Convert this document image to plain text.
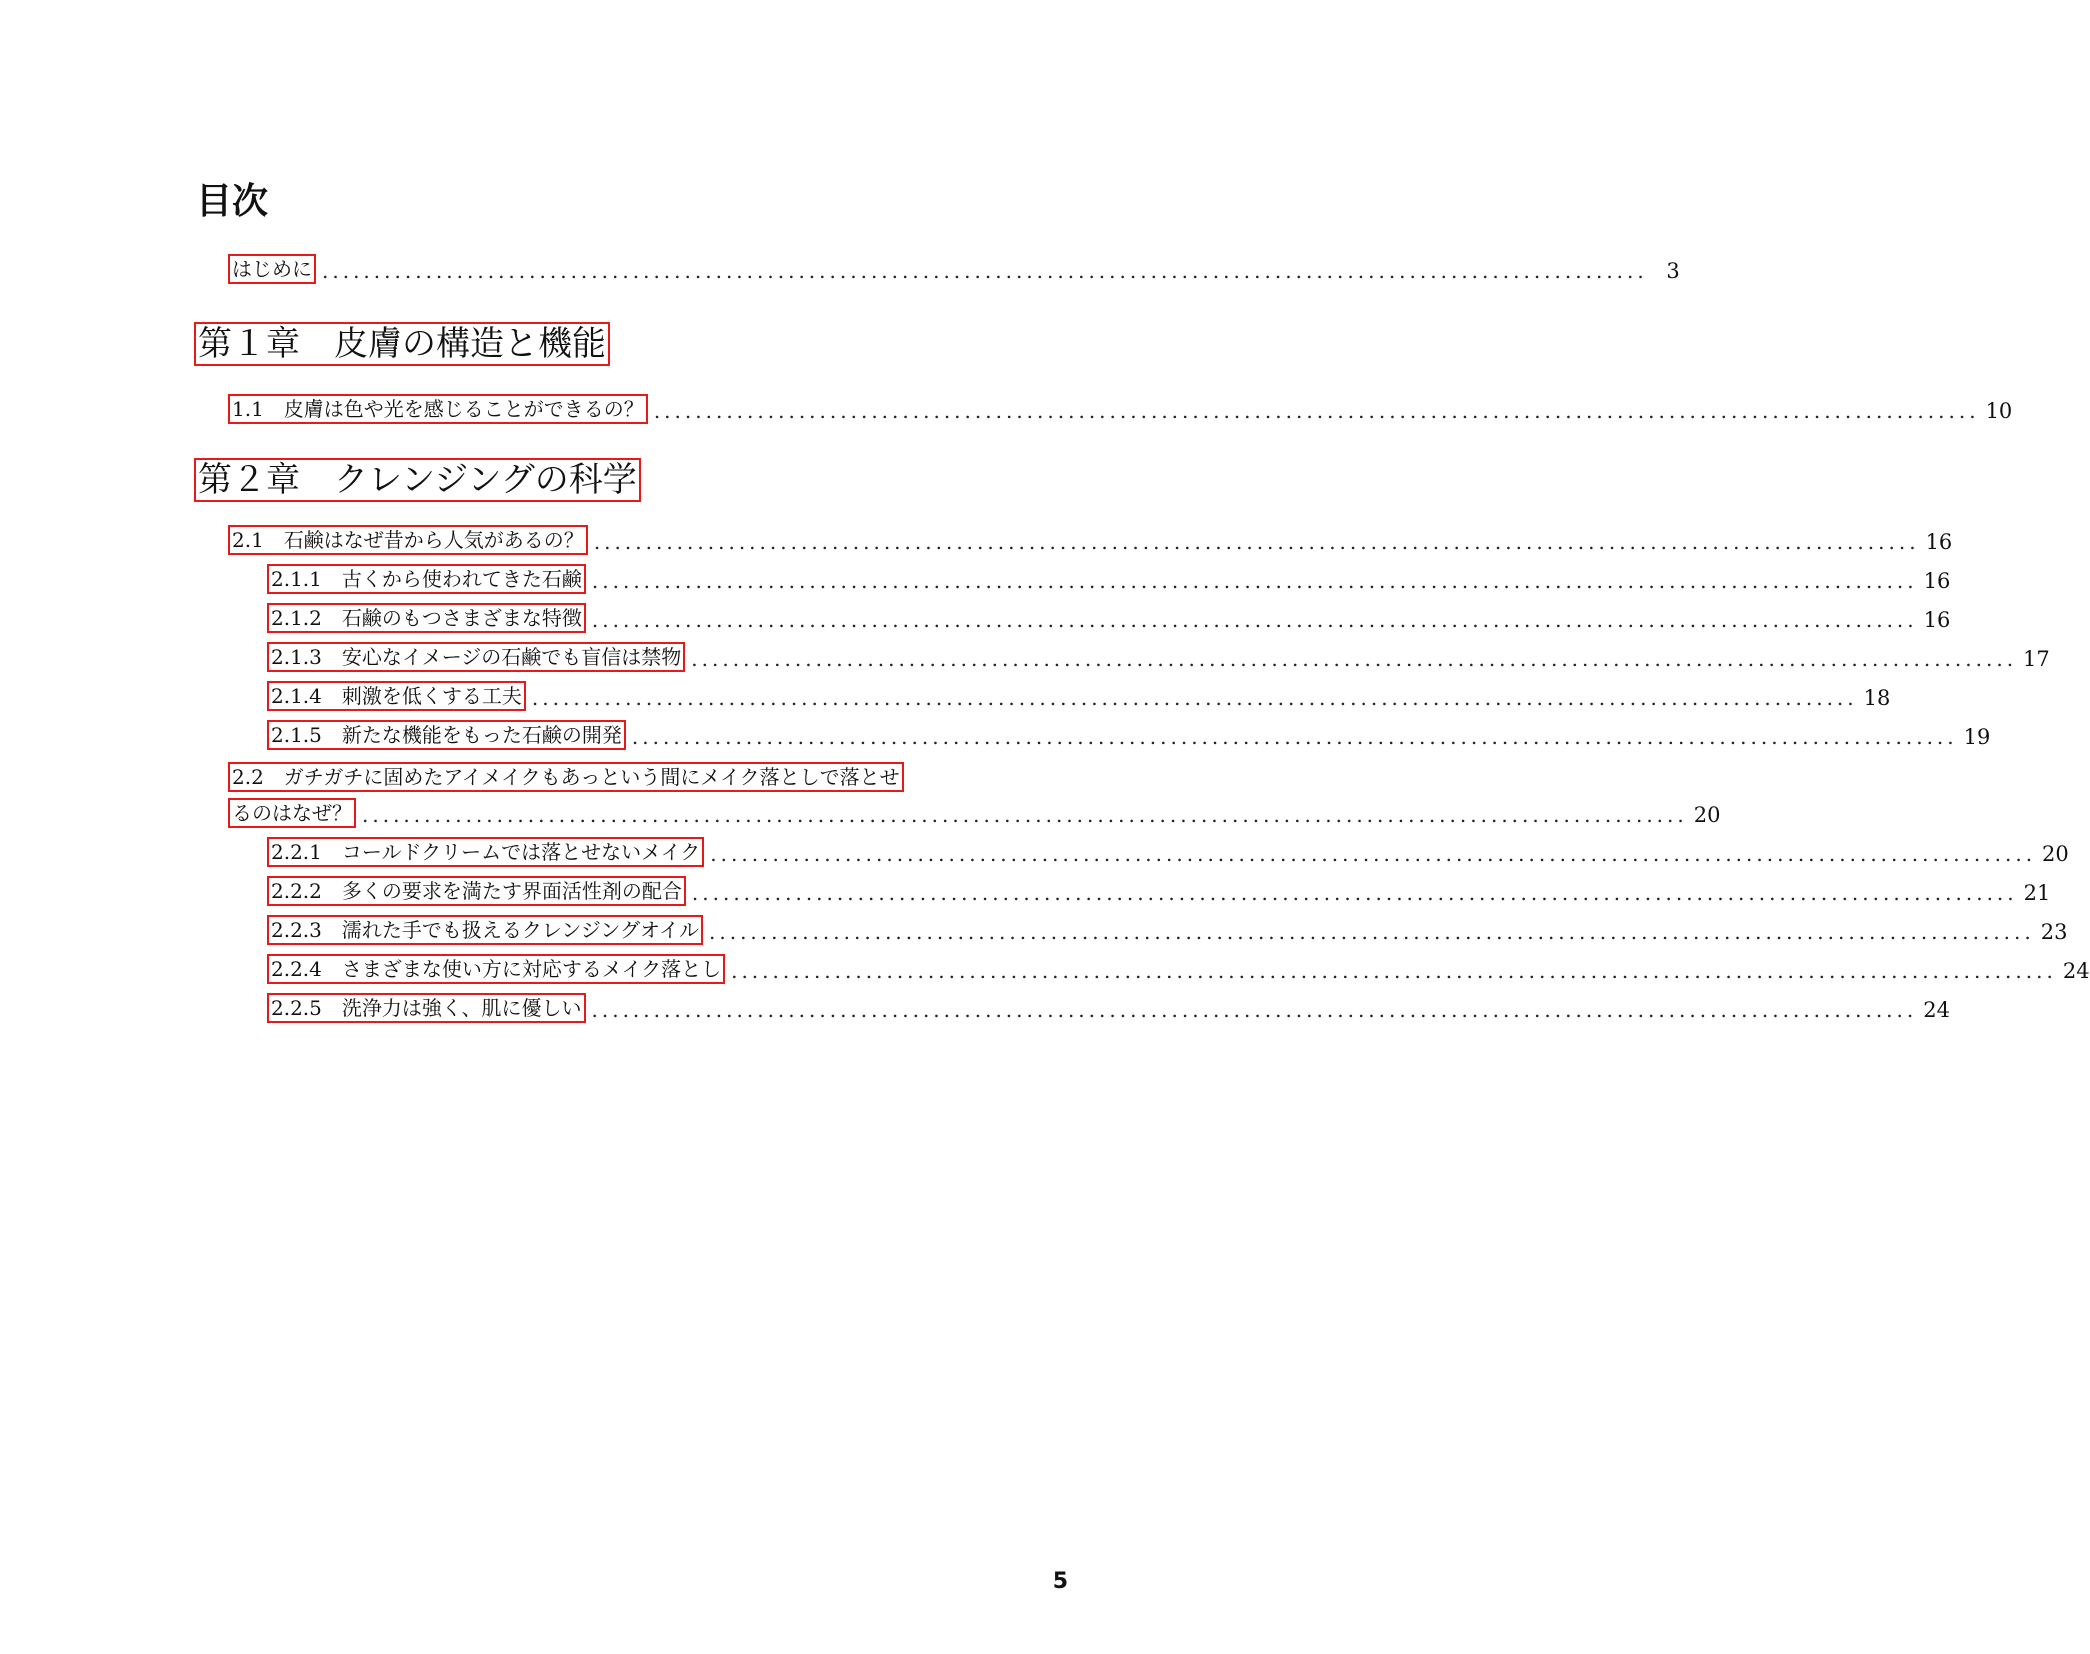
目次
はじめに ................................................................................................................................ 3
第１章　皮膚の構造と機能
1.1　皮膚は色や光を感じることができるの？ ................................................................................................................................ 10
第２章　クレンジングの科学
2.1　石鹸はなぜ昔から人気があるの？ ................................................................................................................................ 16
2.1.1　古くから使われてきた石鹸 ................................................................................................................................ 16
2.1.2　石鹸のもつさまざまな特徴 ................................................................................................................................ 16
2.1.3　安心なイメージの石鹸でも盲信は禁物 ................................................................................................................................ 17
2.1.4　刺激を低くする工夫 ................................................................................................................................ 18
2.1.5　新たな機能をもった石鹸の開発 ................................................................................................................................ 19
2.2　ガチガチに固めたアイメイクもあっという間にメイク落としで落とせ
るのはなぜ？ ................................................................................................................................ 20
2.2.1　コールドクリームでは落とせないメイク ................................................................................................................................ 20
2.2.2　多くの要求を満たす界面活性剤の配合 ................................................................................................................................ 21
2.2.3　濡れた手でも扱えるクレンジングオイル ................................................................................................................................ 23
2.2.4　さまざまな使い方に対応するメイク落とし ................................................................................................................................ 24
2.2.5　洗浄力は強く、肌に優しい ................................................................................................................................ 24
5
